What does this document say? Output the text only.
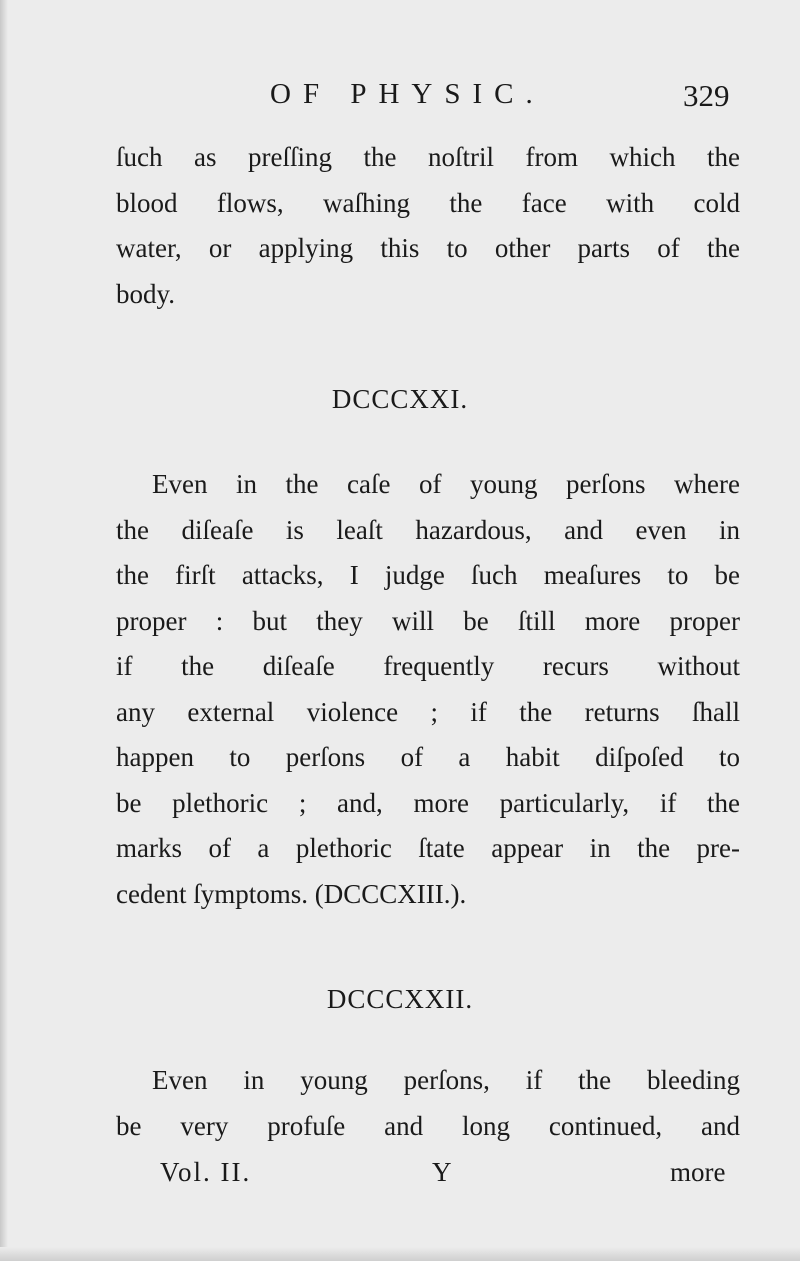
OF PHYSIC.	329
ſuch as preſſing the noſtril from which the
blood flows, waſhing the face with cold
water, or applying this to other parts of the
body.
DCCCXXI.
Even in the caſe of young perſons where
the diſeaſe is leaſt hazardous, and even in
the firſt attacks, I judge ſuch meaſures to be
proper : but they will be ſtill more proper
if the diſeaſe frequently recurs without
any external violence ; if the returns ſhall
happen to perſons of a habit diſpoſed to
be plethoric ; and, more particularly, if the
marks of a plethoric ſtate appear in the pre-
cedent ſymptoms. (DCCCXIII.).
DCCCXXII.
Even in young perſons, if the bleeding
be very profuſe and long continued, and
Vol. II.	Y	more
